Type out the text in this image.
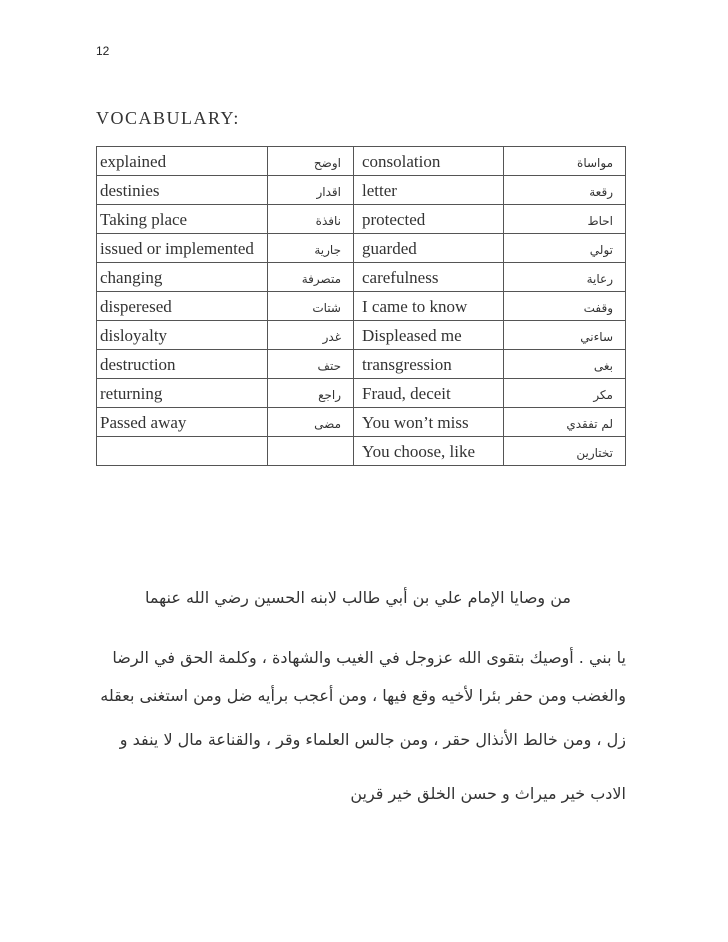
12
VOCABULARY:
explained	اوضح	consolation	مواساة
destinies	اقدار	letter	رقعة
Taking place	نافذة	protected	احاط
issued or implemented	جارية	guarded	تولي
changing	متصرفة	carefulness	رعاية
disperesed	شتات	I came to know	وقفت
disloyalty	غدر	Displeased me	ساءني
destruction	حتف	transgression	بغى
returning	راجع	Fraud, deceit	مكر
Passed away	مضى	You won’t miss	لم تفقدي
		You choose, like	تختارين
من وصايا الإمام علي بن أبي طالب لابنه الحسين رضي الله عنهما
يا بني . أوصيك بتقوى الله عزوجل في الغيب والشهادة ، وكلمة الحق في الرضا
والغضب ومن حفر بئرا لأخيه وقع فيها ، ومن أعجب برأيه ضل ومن استغنى بعقله
زل ، ومن خالط الأنذال حقر ، ومن جالس العلماء وقر ، والقناعة مال لا ينفد و
الادب خير ميراث و حسن الخلق خير قرين
